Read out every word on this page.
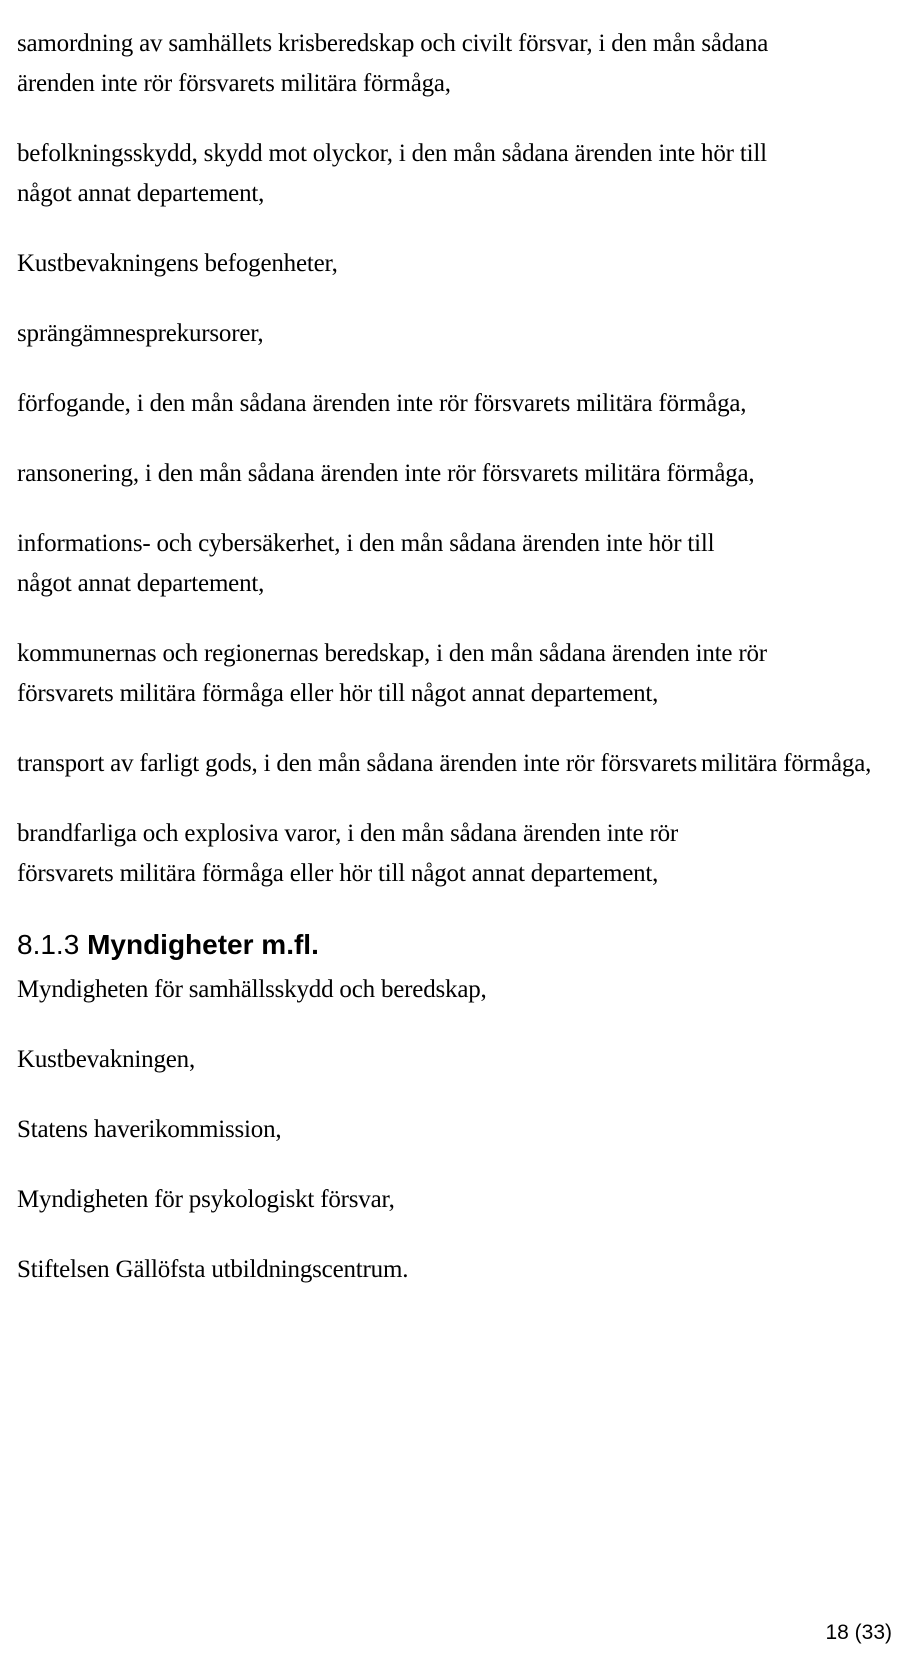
samordning av samhällets krisberedskap och civilt försvar, i den mån sådana ärenden inte rör försvarets militära förmåga,

befolkningsskydd, skydd mot olyckor, i den mån sådana ärenden inte hör till något annat departement,

Kustbevakningens befogenheter,

sprängämnesprekursorer,

förfogande, i den mån sådana ärenden inte rör försvarets militära förmåga,

ransonering, i den mån sådana ärenden inte rör försvarets militära förmåga,

informations- och cybersäkerhet, i den mån sådana ärenden inte hör till något annat departement,

kommunernas och regionernas beredskap, i den mån sådana ärenden inte rör försvarets militära förmåga eller hör till något annat departement,

transport av farligt gods, i den mån sådana ärenden inte rör försvarets militära förmåga,

brandfarliga och explosiva varor, i den mån sådana ärenden inte rör försvarets militära förmåga eller hör till något annat departement,

8.1.3 Myndigheter m.fl.

Myndigheten för samhällsskydd och beredskap,

Kustbevakningen,

Statens haverikommission,

Myndigheten för psykologiskt försvar,

Stiftelsen Gällöfsta utbildningscentrum.

18 (33)
